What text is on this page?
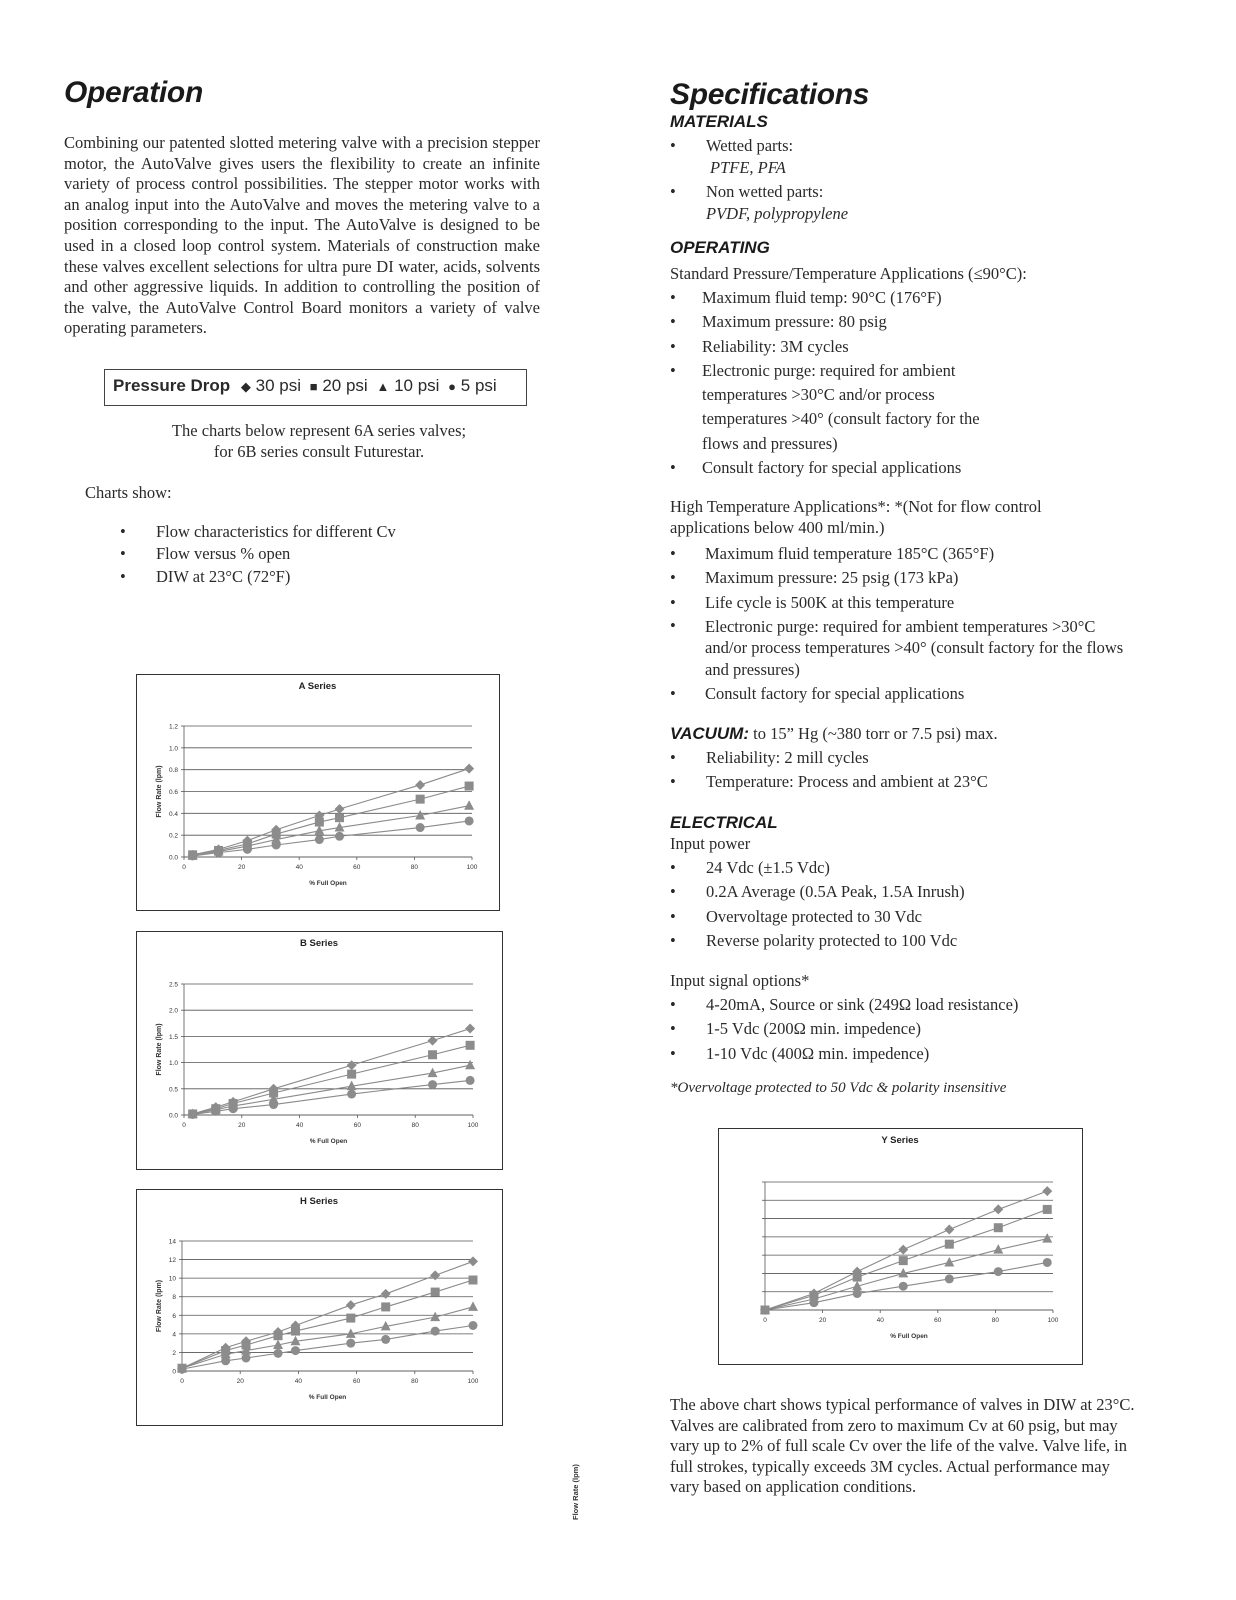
Operation

Combining our patented slotted metering valve with a precision stepper motor, the AutoValve gives users the flexibility to create an infinite variety of process control possibilities. The stepper motor works with an analog input into the AutoValve and moves the metering valve to a position corresponding to the input. The AutoValve is designed to be used in a closed loop control system. Materials of construction make these valves excellent selections for ultra pure DI water, acids, solvents and other aggressive liquids. In addition to controlling the position of the valve, the AutoValve Control Board monitors a variety of valve operating parameters.

Pressure Drop ◆ 30 psi ■ 20 psi ▲ 10 psi ● 5 psi
The charts below represent 6A series valves;
for 6B series consult Futurestar.
Charts show:
• Flow characteristics for different Cv
• Flow versus % open
• DIW at 23°C (72°F)
A Series
0.0
0.2
0.4
0.6
0.8
1.0
1.2
0	20	40	60	80	100
% Full Open
Flow Rate (lpm)
B Series
0.0
0.5
1.0
1.5
2.0
2.5
0	20	40	60	80	100
% Full Open
Flow Rate (lpm)
H Series
0
2
4
6
8
10
12
14
0	20	40	60	80	100
% Full Open
Flow Rate (lpm)
Flow Rate (lpm)
Specifications
MATERIALS
• Wetted parts:
PTFE, PFA
• Non wetted parts:
PVDF, polypropylene
OPERATING
Standard Pressure/Temperature Applications (≤90°C):
• Maximum fluid temp: 90°C (176°F)
• Maximum pressure: 80 psig
• Reliability: 3M cycles
• Electronic purge: required for ambient temperatures >30°C and/or process temperatures >40° (consult factory for the flows and pressures)
• Consult factory for special applications
High Temperature Applications*: *(Not for flow control applications below 400 ml/min.)
• Maximum fluid temperature 185°C (365°F)
• Maximum pressure: 25 psig (173 kPa)
• Life cycle is 500K at this temperature
• Electronic purge: required for ambient temperatures >30°C and/or process temperatures >40° (consult factory for the flows and pressures)
• Consult factory for special applications
VACUUM: to 15” Hg (~380 torr or 7.5 psi) max.
• Reliability: 2 mill cycles
• Temperature: Process and ambient at 23°C
ELECTRICAL
Input power
• 24 Vdc (±1.5 Vdc)
• 0.2A Average (0.5A Peak, 1.5A Inrush)
• Overvoltage protected to 30 Vdc
• Reverse polarity protected to 100 Vdc
Input signal options*
• 4-20mA, Source or sink (249Ω load resistance)
• 1-5 Vdc (200Ω min. impedence)
• 1-10 Vdc (400Ω min. impedence)
*Overvoltage protected to 50 Vdc & polarity insensitive
Y Series
0	20	40	60	80	100
% Full Open

The above chart shows typical performance of valves in DIW at 23°C. Valves are calibrated from zero to maximum Cv at 60 psig, but may vary up to 2% of full scale Cv over the life of the valve. Valve life, in full strokes, typically exceeds 3M cycles. Actual performance may vary based on application conditions.
